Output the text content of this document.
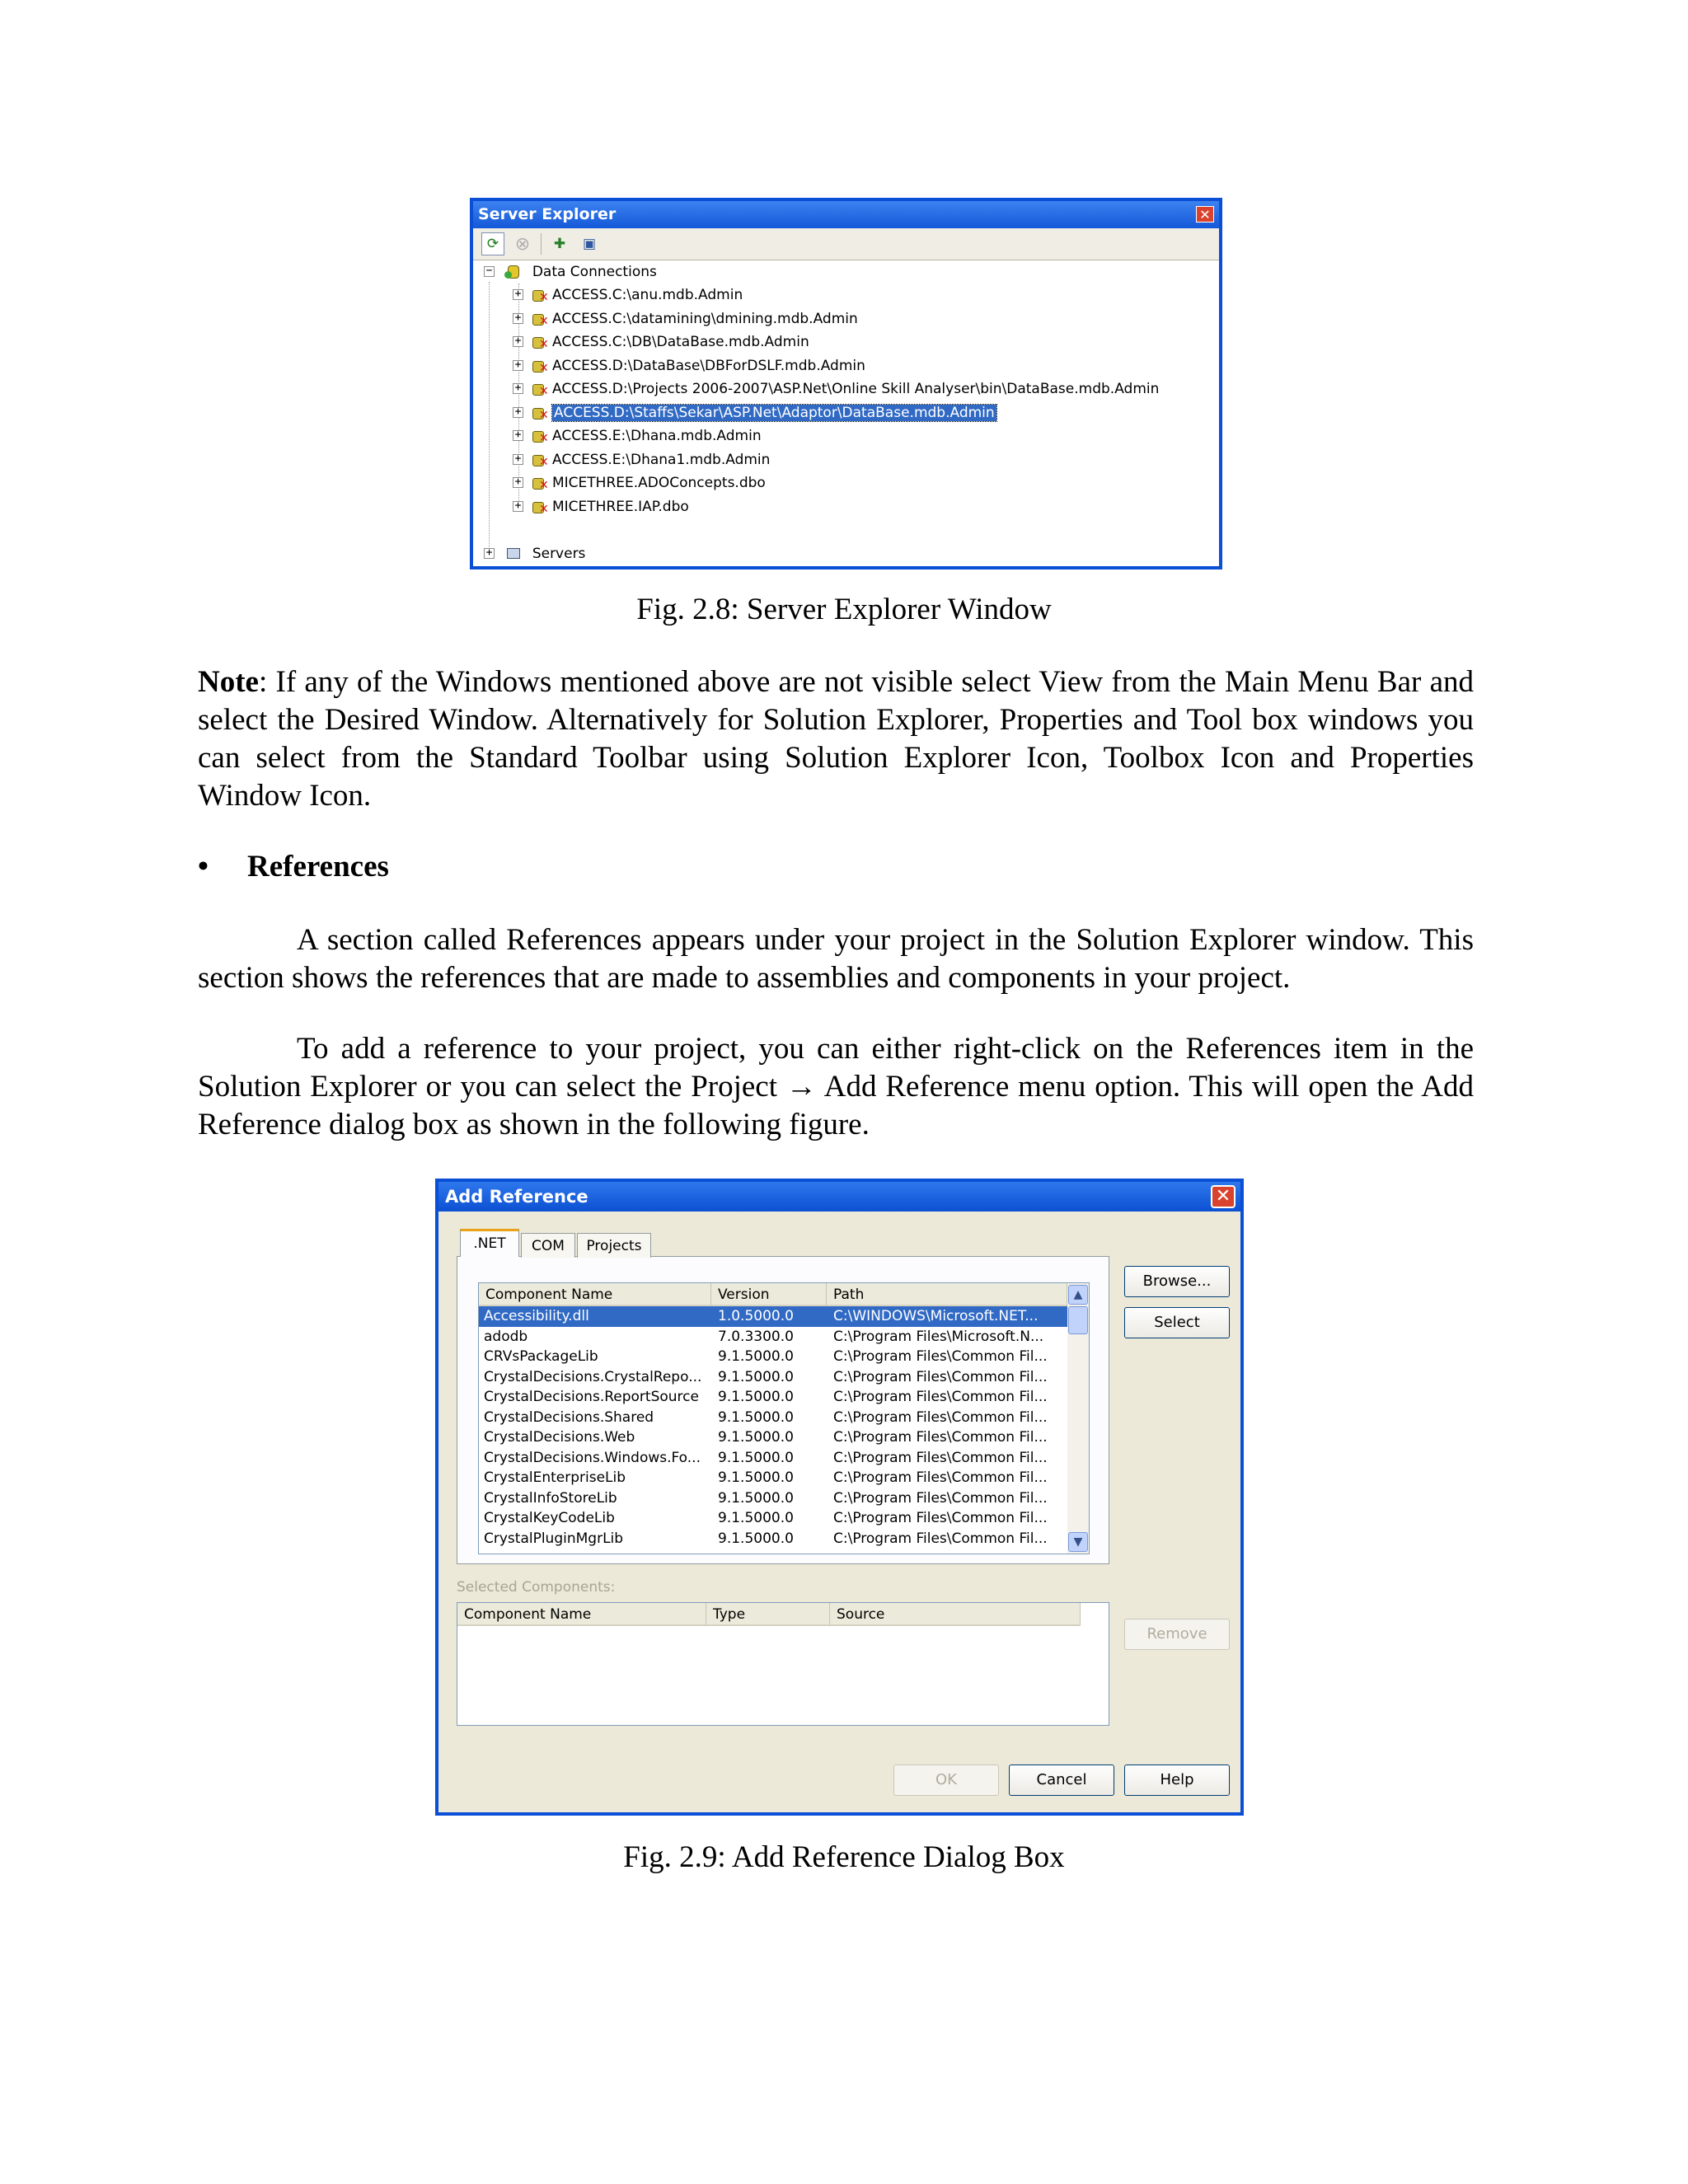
Server Explorer	✕
⟳ ⊗	✚	▣
−
	Data Connections
+ ✕ ACCESS.C:\anu.mdb.Admin
+ ✕ ACCESS.C:\datamining\dmining.mdb.Admin
+ ✕ ACCESS.C:\DB\DataBase.mdb.Admin
+ ✕ ACCESS.D:\DataBase\DBForDSLF.mdb.Admin
+ ✕ ACCESS.D:\Projects 2006-2007\ASP.Net\Online Skill Analyser\bin\DataBase.mdb.Admin
+ ✕ ACCESS.D:\Staffs\Sekar\ASP.Net\Adaptor\DataBase.mdb.Admin
+ ✕ ACCESS.E:\Dhana.mdb.Admin
+ ✕ ACCESS.E:\Dhana1.mdb.Admin
+ ✕ MICETHREE.ADOConcepts.dbo
+ ✕ MICETHREE.IAP.dbo
+
	Servers
Fig. 2.8: Server Explorer Window
Note: If any of the Windows mentioned above are not visible select View from the Main Menu Bar and select the Desired Window. Alternatively for Solution Explorer, Properties and Tool box windows you can select from the Standard Toolbar using Solution Explorer Icon, Toolbox Icon and Properties Window Icon.
• References
A section called References appears under your project in the Solution Explorer window. This section shows the references that are made to assemblies and components in your project.
To add a reference to your project, you can either right-click on the References item in the Solution Explorer or you can select the Project → Add Reference menu option. This will open the Add Reference dialog box as shown in the following figure.
Add Reference	✕
.NET	COM	Projects
Component Name	Version	Path
Accessibility.dll	1.0.5000.0	C:\WINDOWS\Microsoft.NET...
adodb	7.0.3300.0	C:\Program Files\Microsoft.N...
CRVsPackageLib	9.1.5000.0	C:\Program Files\Common Fil...
CrystalDecisions.CrystalRepo...	9.1.5000.0	C:\Program Files\Common Fil...
CrystalDecisions.ReportSource	9.1.5000.0	C:\Program Files\Common Fil...
CrystalDecisions.Shared	9.1.5000.0	C:\Program Files\Common Fil...
CrystalDecisions.Web	9.1.5000.0	C:\Program Files\Common Fil...
CrystalDecisions.Windows.Fo...	9.1.5000.0	C:\Program Files\Common Fil...
CrystalEnterpriseLib	9.1.5000.0	C:\Program Files\Common Fil...
CrystalInfoStoreLib	9.1.5000.0	C:\Program Files\Common Fil...
CrystalKeyCodeLib	9.1.5000.0	C:\Program Files\Common Fil...
CrystalPluginMgrLib	9.1.5000.0	C:\Program Files\Common Fil...
▲
▼
Browse...
Select
Selected Components:
Component Name	Type	Source
Remove
OK	Cancel	Help
Fig. 2.9: Add Reference Dialog Box
